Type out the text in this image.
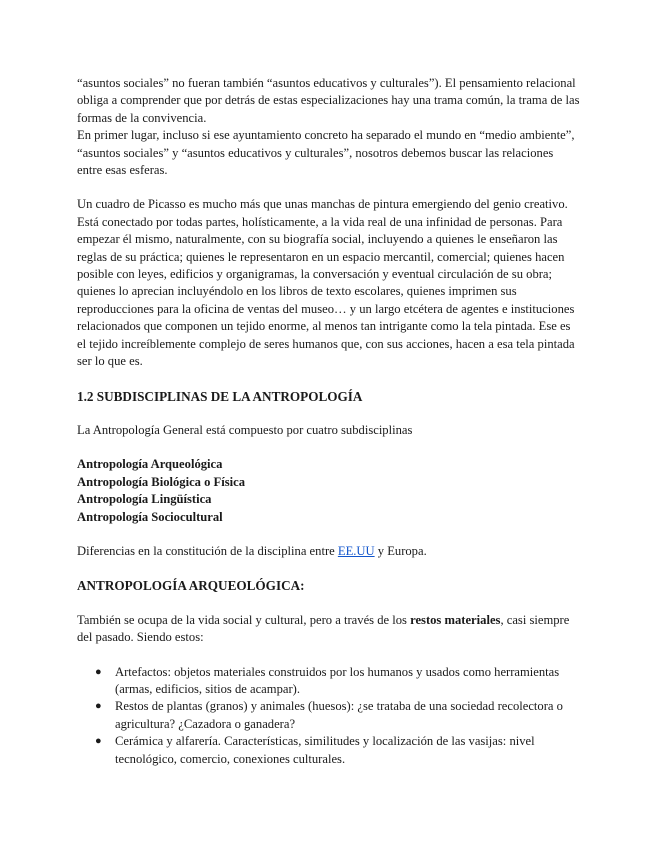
“asuntos sociales” no fueran también “asuntos educativos y culturales”). El pensamiento relacional obliga a comprender que por detrás de estas especializaciones hay una trama común, la trama de las formas de la convivencia.

En primer lugar, incluso si ese ayuntamiento concreto ha separado el mundo en “medio ambiente”, “asuntos sociales” y “asuntos educativos y culturales”, nosotros debemos buscar las relaciones entre esas esferas.

Un cuadro de Picasso es mucho más que unas manchas de pintura emergiendo del genio creativo. Está conectado por todas partes, holísticamente, a la vida real de una infinidad de personas. Para empezar él mismo, naturalmente, con su biografía social, incluyendo a quienes le enseñaron las reglas de su práctica; quienes le representaron en un espacio mercantil, comercial; quienes hacen posible con leyes, edificios y organigramas, la conversación y eventual circulación de su obra; quienes lo aprecian incluyéndolo en los libros de texto escolares, quienes imprimen sus reproducciones para la oficina de ventas del museo… y un largo etcétera de agentes e instituciones relacionados que componen un tejido enorme, al menos tan intrigante como la tela pintada. Ese es el tejido increíblemente complejo de seres humanos que, con sus acciones, hacen a esa tela pintada ser lo que es.

1.2 SUBDISCIPLINAS DE LA ANTROPOLOGÍA

La Antropología General está compuesto por cuatro subdisciplinas

Antropología Arqueológica

Antropología Biológica o Física

Antropología Lingüística

Antropología Sociocultural

Diferencias en la constitución de la disciplina entre EE.UU y Europa.

ANTROPOLOGÍA ARQUEOLÓGICA:

También se ocupa de la vida social y cultural, pero a través de los restos materiales, casi siempre del pasado. Siendo estos:

● Artefactos: objetos materiales construidos por los humanos y usados como herramientas (armas, edificios, sitios de acampar).
● Restos de plantas (granos) y animales (huesos): ¿se trataba de una sociedad recolectora o agricultura? ¿Cazadora o ganadera?
● Cerámica y alfarería. Características, similitudes y localización de las vasijas: nivel tecnológico, comercio, conexiones culturales.
